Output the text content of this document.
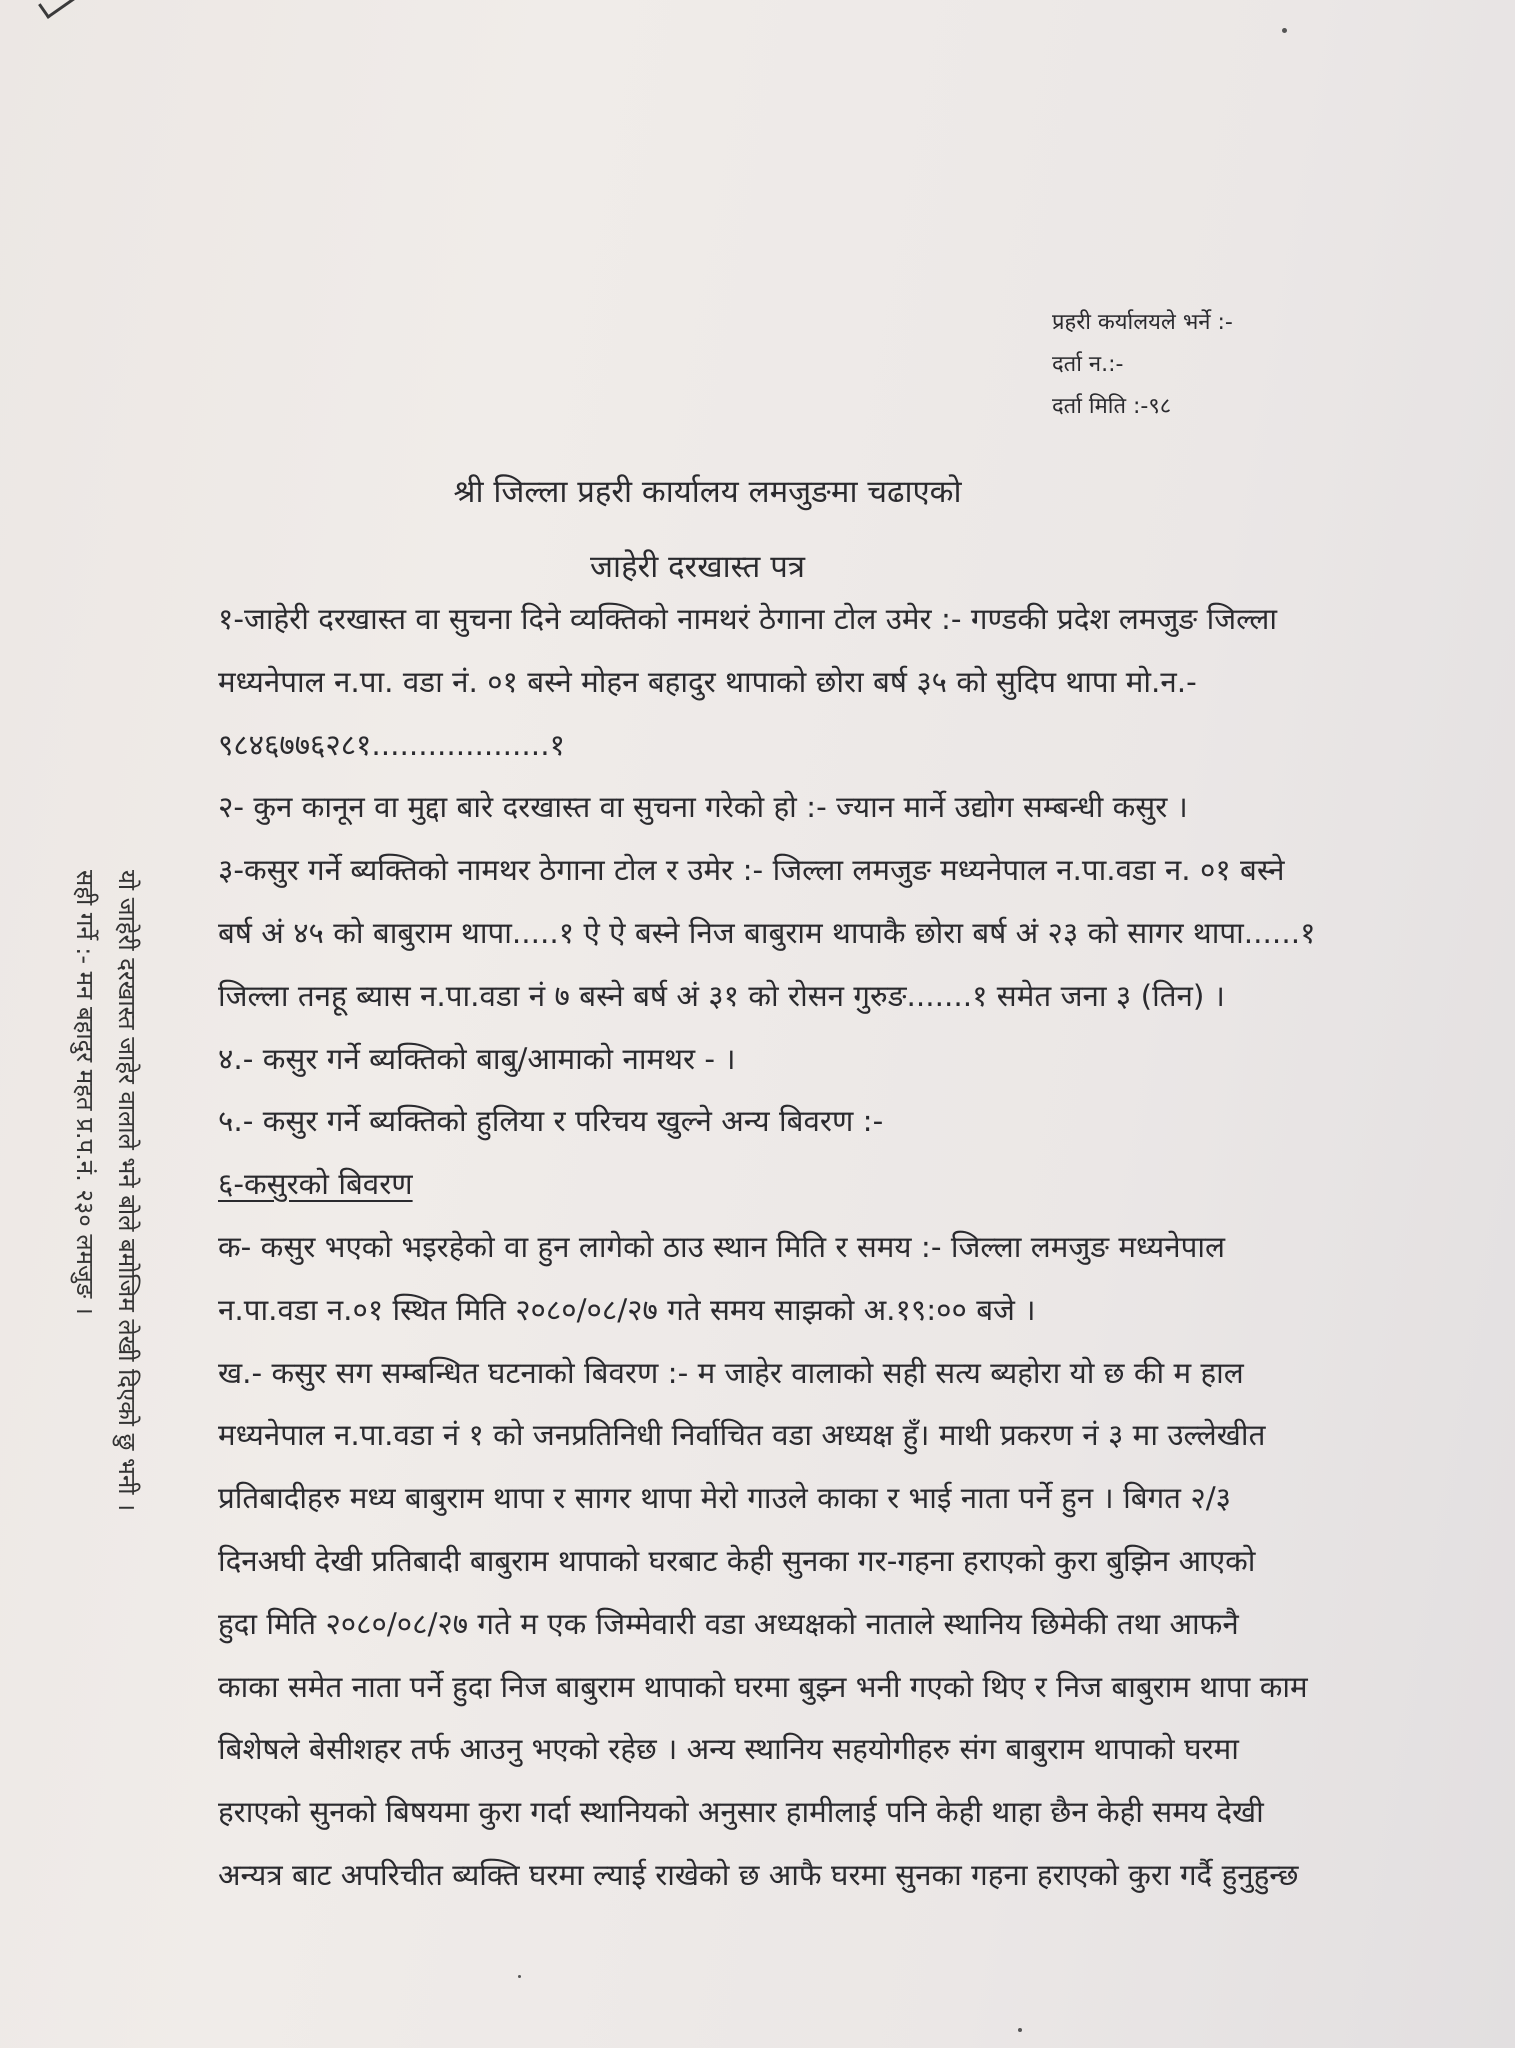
प्रहरी कर्यालयले भर्ने :-
दर्ता न.:-
दर्ता मिति :-९८
श्री जिल्ला प्रहरी कार्यालय लमजुङमा चढाएको
जाहेरी दरखास्त पत्र
१-जाहेरी दरखास्त वा सुचना दिने व्यक्तिको नामथरं ठेगाना टोल उमेर :- गण्डकी प्रदेश लमजुङ जिल्ला
मध्यनेपाल न.पा. वडा नं. ०१ बस्ने मोहन बहादुर थापाको छोरा बर्ष ३५ को सुदिप थापा मो.न.-
९८४६७७६२८१...................१
२- कुन कानून वा मुद्दा बारे दरखास्त वा सुचना गरेको हो :- ज्यान मार्ने उद्योग सम्बन्धी कसुर ।
३-कसुर गर्ने ब्यक्तिको नामथर ठेगाना टोल र उमेर :- जिल्ला लमजुङ मध्यनेपाल न.पा.वडा न. ०१ बस्ने
बर्ष अं ४५ को बाबुराम थापा.....१ ऐ ऐ बस्ने निज बाबुराम थापाकै छोरा बर्ष अं २३ को सागर थापा......१
जिल्ला तनहू ब्यास न.पा.वडा नं ७ बस्ने बर्ष अं ३१ को रोसन गुरुङ.......१ समेत जना ३ (तिन) ।
४.- कसुर गर्ने ब्यक्तिको बाबु/आमाको नामथर - ।
५.- कसुर गर्ने ब्यक्तिको हुलिया र परिचय खुल्ने अन्य बिवरण :-
६-कसुरको बिवरण
क- कसुर भएको भइरहेको वा हुन लागेको ठाउ स्थान मिति र समय :- जिल्ला लमजुङ मध्यनेपाल
न.पा.वडा न.०१ स्थित मिति २०८०/०८/२७ गते समय साझको अ.१९:०० बजे ।
ख.- कसुर सग सम्बन्धित घटनाको बिवरण :- म जाहेर वालाको सही सत्य ब्यहोरा यो छ की म हाल
मध्यनेपाल न.पा.वडा नं १ को जनप्रतिनिधी निर्वाचित वडा अध्यक्ष हुँ। माथी प्रकरण नं ३ मा उल्लेखीत
प्रतिबादीहरु मध्य बाबुराम थापा र सागर थापा मेरो गाउले काका र भाई नाता पर्ने हुन । बिगत २/३
दिनअघी देखी प्रतिबादी बाबुराम थापाको घरबाट केही सुनका गर-गहना हराएको कुरा बुझिन आएको
हुदा मिति २०८०/०८/२७ गते म एक जिम्मेवारी वडा अध्यक्षको नाताले स्थानिय छिमेकी तथा आफनै
काका समेत नाता पर्ने हुदा निज बाबुराम थापाको घरमा बुझ्न भनी गएको थिए र निज बाबुराम थापा काम
बिशेषले बेसीशहर तर्फ आउनु भएको रहेछ । अन्य स्थानिय सहयोगीहरु संग बाबुराम थापाको घरमा
हराएको सुनको बिषयमा कुरा गर्दा स्थानियको अनुसार हामीलाई पनि केही थाहा छैन केही समय देखी
अन्यत्र बाट अपरिचीत ब्यक्ति घरमा ल्याई राखेको छ आफै घरमा सुनका गहना हराएको कुरा गर्दै हुनुहुन्छ
यो जाहेरी दरखास्त जाहेर वालाले भने बोले बमोजिम लेखी दिएको छु भनी ।
सही गर्ने :- मन बहादुर महत प्र.प.नं. २३० लमजुङ ।
